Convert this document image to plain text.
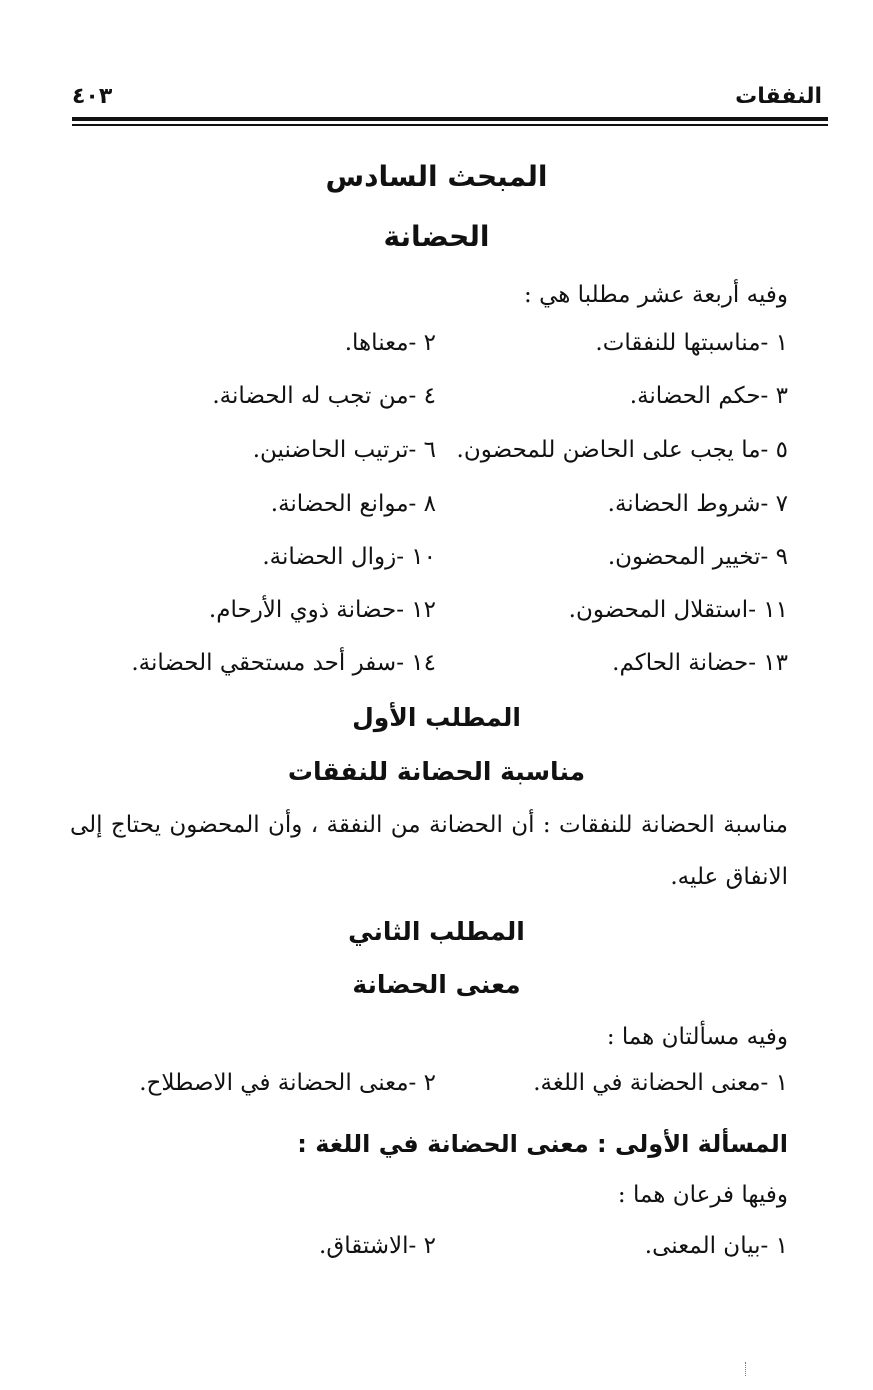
النفقات
٤٠٣
المبحث السادس
الحضانة
وفيه أربعة عشر مطلبا هي :
١ -مناسبتها للنفقات.
٢ -معناها.
٣ -حكم الحضانة.
٤ -من تجب له الحضانة.
٥ -ما يجب على الحاضن للمحضون.
٦ -ترتيب الحاضنين.
٧ -شروط الحضانة.
٨ -موانع الحضانة.
٩ -تخيير المحضون.
١٠ -زوال الحضانة.
١١ -استقلال المحضون.
١٢ -حضانة ذوي الأرحام.
١٣ -حضانة الحاكم.
١٤ -سفر أحد مستحقي الحضانة.
المطلب الأول
مناسبة الحضانة للنفقات
مناسبة الحضانة للنفقات : أن الحضانة من النفقة ، وأن المحضون يحتاج إلى
الانفاق عليه.
المطلب الثاني
معنى الحضانة
وفيه مسألتان هما :
١ -معنى الحضانة في اللغة.
٢ -معنى الحضانة في الاصطلاح.
المسألة الأولى : معنى الحضانة في اللغة :
وفيها فرعان هما :
١ -بيان المعنى.
٢ -الاشتقاق.
